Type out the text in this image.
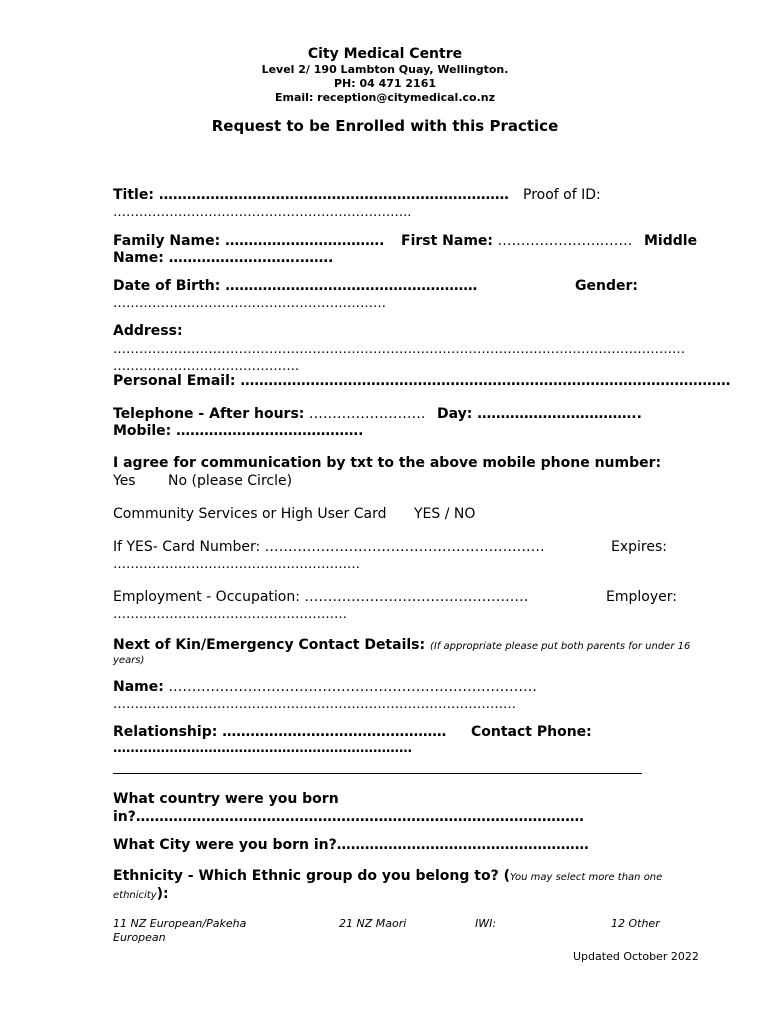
City Medical Centre
Level 2/ 190 Lambton Quay, Wellington.
PH: 04 471 2161
Email: reception@citymedical.co.nz
Request to be Enrolled with this Practice
Title: ………………………………………………………………… Proof of ID:
……………………………………………………….…..
Family Name: ……………………………. First Name: …………………..…… Middle
Name: ……………………….…….
Date of Birth: ………………………………………………	Gender:
………………………………………………………
Address:
……………………………………………………………………………………………………………………
…………………………………….
Personal Email: ……………………………………………………………………………………………
Telephone - After hours: ……………………. Day: ……………………………..
Mobile: ………………………………….
I agree for communication by txt to the above mobile phone number:
Yes No (please Circle)
Community Services or High User Card YES / NO
If YES- Card Number: ……………………………………………………	Expires:
…………………………………………………
Employment - Occupation: …………………………………………	Employer:
………………………………………………
Next of Kin/Emergency Contact Details: (If appropriate please put both parents for under 16
years)
Name: …………………………………………………………………….
…………………………………………………………………………………
Relationship: ………………………………………… Contact Phone:
……………………………………………………………
What country were you born
in?……………………………………………………………………………………
What City were you born in?………………………………………………
Ethnicity - Which Ethnic group do you belong to? (You may select more than one
ethnicity):
11 NZ European/Pakeha	21 NZ Maori	IWI:	12 Other
European
Updated October 2022
